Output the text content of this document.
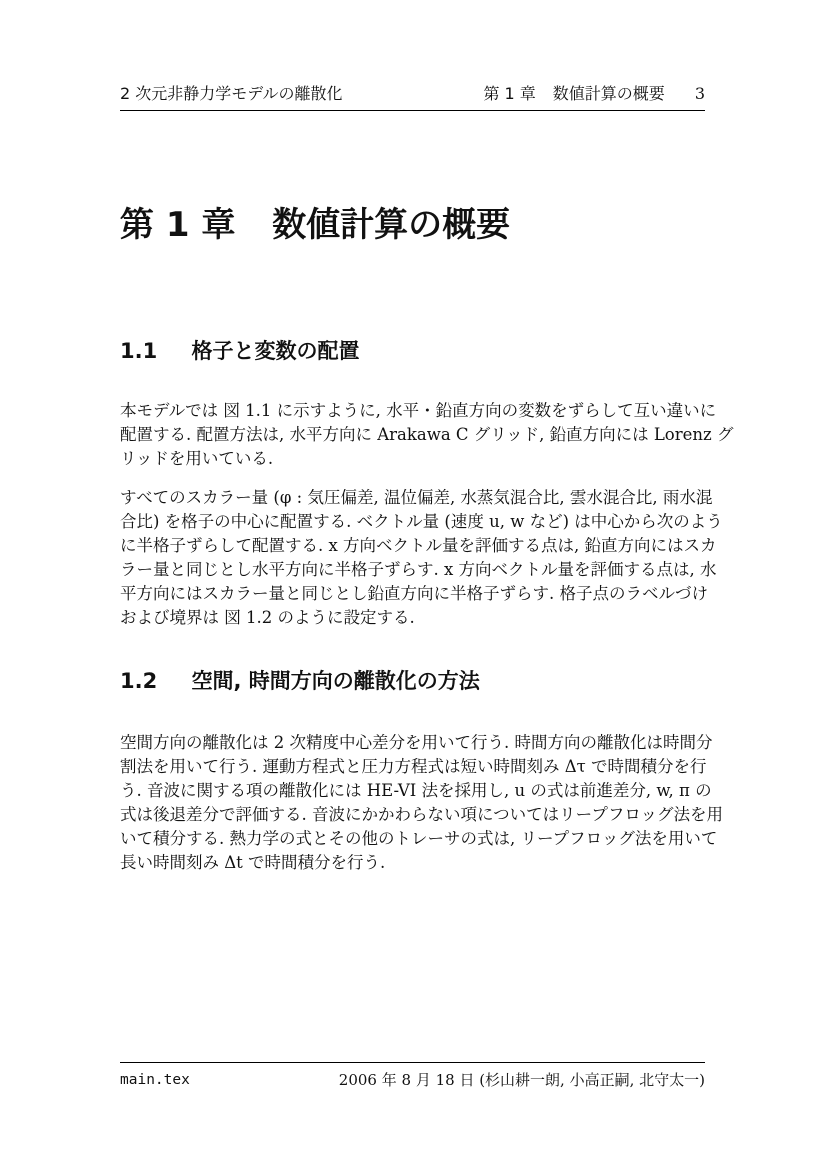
2 次元非静力学モデルの離散化	第 1 章 数値計算の概要 3
第 1 章 数値計算の概要
1.1 格子と変数の配置
本モデルでは 図 1.1 に示すように, 水平・鉛直方向の変数をずらして互い違いに
配置する. 配置方法は, 水平方向に Arakawa C グリッド, 鉛直方向には Lorenz グ
リッドを用いている.
すべてのスカラー量 (φ : 気圧偏差, 温位偏差, 水蒸気混合比, 雲水混合比, 雨水混
合比) を格子の中心に配置する. ベクトル量 (速度 u, w など) は中心から次のよう
に半格子ずらして配置する. x 方向ベクトル量を評価する点は, 鉛直方向にはスカ
ラー量と同じとし水平方向に半格子ずらす. x 方向ベクトル量を評価する点は, 水
平方向にはスカラー量と同じとし鉛直方向に半格子ずらす. 格子点のラベルづけ
および境界は 図 1.2 のように設定する.
1.2 空間, 時間方向の離散化の方法
空間方向の離散化は 2 次精度中心差分を用いて行う. 時間方向の離散化は時間分
割法を用いて行う. 運動方程式と圧力方程式は短い時間刻み Δτ で時間積分を行
う. 音波に関する項の離散化には HE-VI 法を採用し, u の式は前進差分, w, π の
式は後退差分で評価する. 音波にかかわらない項についてはリープフロッグ法を用
いて積分する. 熱力学の式とその他のトレーサの式は, リープフロッグ法を用いて
長い時間刻み Δt で時間積分を行う.
main.tex	2006 年 8 月 18 日 (杉山耕一朗, 小高正嗣, 北守太一)
